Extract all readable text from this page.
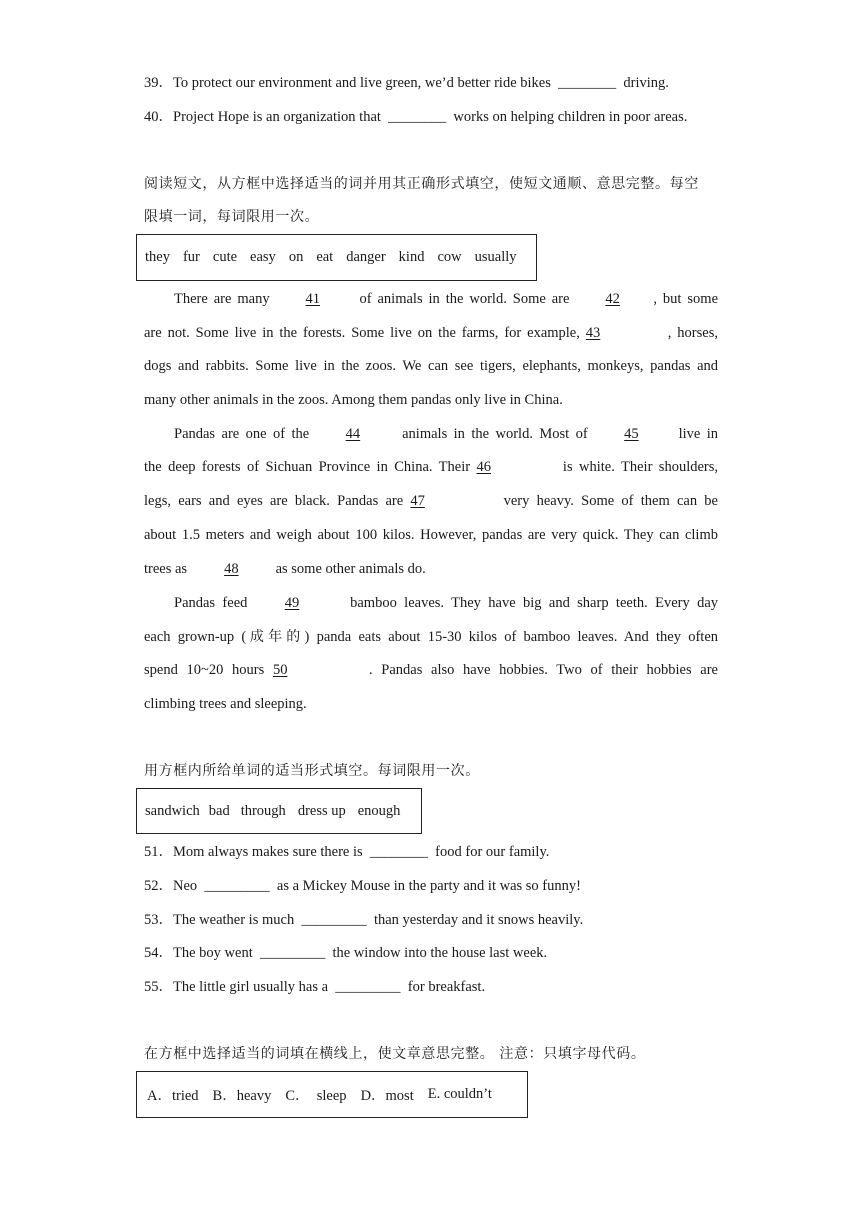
39．To protect our environment and live green, we’d better ride bikes ________ driving.
40．Project Hope is an organization that ________ works on helping children in poor areas.
阅读短文，从方框中选择适当的词并用其正确形式填空，使短文通顺、意思完整。每空
限填一词，每词限用一次。
they fur cute easy on eat danger kind cow usually
There are many 41	of animals in the world. Some are 42 , but some
are not. Some live in the forests. Some live on the farms, for example, 43	, horses,
dogs and rabbits. Some live in the zoos. We can see tigers, elephants, monkeys, pandas and
many other animals in the zoos. Among them pandas only live in China.
Pandas are one of the	44	animals in the world. Most of	45	live in
the deep forests of Sichuan Province in China. Their 46	is white. Their shoulders,
legs, ears and eyes are black. Pandas are 47	very heavy. Some of them can be
about 1.5 meters and weigh about 100 kilos. However, pandas are very quick. They can climb
trees as	48	as some other animals do.
Pandas feed	49	bamboo leaves. They have big and sharp teeth. Every day
each grown-up (成年的) panda eats about 15-30 kilos of bamboo leaves. And they often
spend 10~20 hours 50	. Pandas also have hobbies. Two of their hobbies are
climbing trees and sleeping.
用方框内所给单词的适当形式填空。每词限用一次。
sandwich bad through dress up enough
51．Mom always makes sure there is ________ food for our family.
52．Neo _________ as a Mickey Mouse in the party and it was so funny!
53．The weather is much _________ than yesterday and it snows heavily.
54．The boy went _________ the window into the house last week.
55．The little girl usually has a _________ for breakfast.
在方框中选择适当的词填在横线上，使文章意思完整。 注意：只填字母代码。
A．tried B．heavy C．  sleep D．most E. couldn’t
